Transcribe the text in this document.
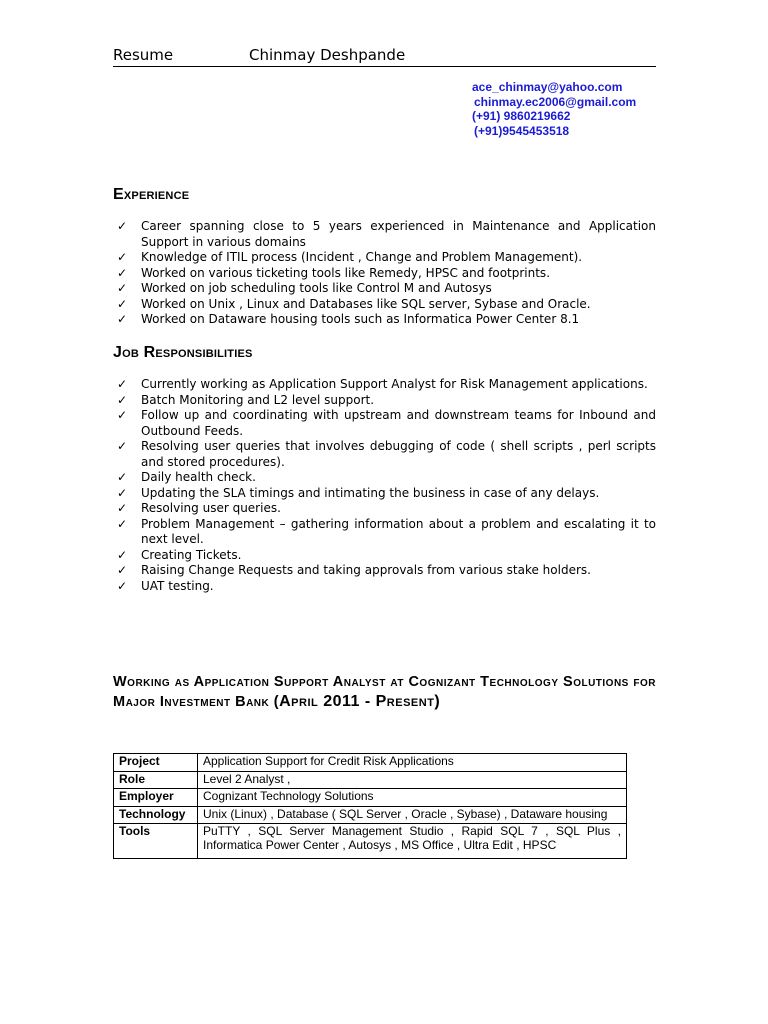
Resume	Chinmay Deshpande
ace_chinmay@yahoo.com
chinmay.ec2006@gmail.com
(+91) 9860219662
(+91)9545453518
Experience
✓ Career spanning close to 5 years experienced in Maintenance and Application Support in various domains
✓ Knowledge of ITIL process (Incident , Change and Problem Management).
✓ Worked on various ticketing tools like Remedy, HPSC and footprints.
✓ Worked on job scheduling tools like Control M and Autosys
✓ Worked on Unix , Linux and Databases like SQL server, Sybase and Oracle.
✓ Worked on Dataware housing tools such as Informatica Power Center 8.1
Job Responsibilities
✓ Currently working as Application Support Analyst for Risk Management applications.
✓ Batch Monitoring and L2 level support.
✓ Follow up and coordinating with upstream and downstream teams for Inbound and Outbound Feeds.
✓ Resolving user queries that involves debugging of code ( shell scripts , perl scripts and stored procedures).
✓ Daily health check.
✓ Updating the SLA timings and intimating the business in case of any delays.
✓ Resolving user queries.
✓ Problem Management – gathering information about a problem and escalating it to next level.
✓ Creating Tickets.
✓ Raising Change Requests and taking approvals from various stake holders.
✓ UAT testing.
Working as Application Support Analyst at Cognizant Technology Solutions for Major Investment Bank (April 2011 - Present)
Project	Application Support for Credit Risk Applications
Role	Level 2 Analyst ,
Employer	Cognizant Technology Solutions
Technology	Unix (Linux) , Database ( SQL Server , Oracle , Sybase) , Dataware housing
Tools	PuTTY , SQL Server Management Studio , Rapid SQL 7 , SQL Plus , Informatica Power Center , Autosys , MS Office , Ultra Edit , HPSC
